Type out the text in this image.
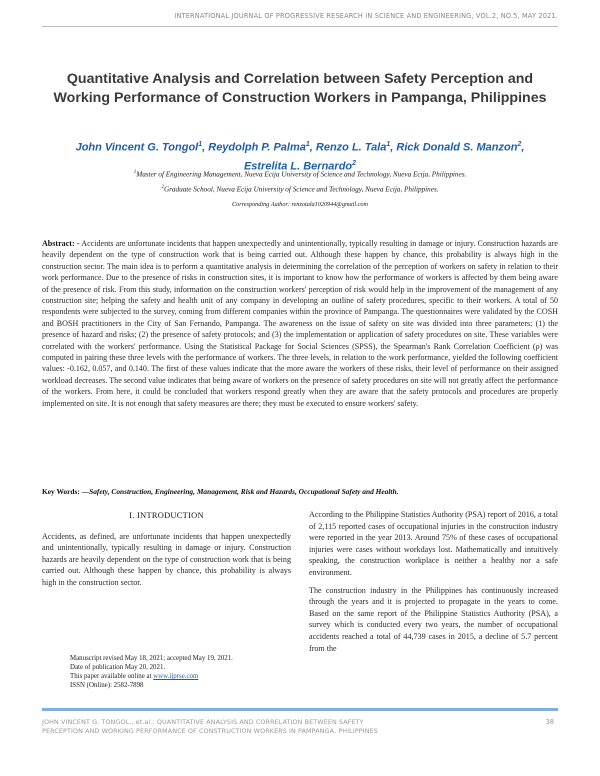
INTERNATIONAL JOURNAL OF PROGRESSIVE RESEARCH IN SCIENCE AND ENGINEERING, VOL.2, NO.5, MAY 2021.
Quantitative Analysis and Correlation between Safety Perception and Working Performance of Construction Workers in Pampanga, Philippines
John Vincent G. Tongol$^1$, Reydolph P. Palma$^1$, Renzo L. Tala$^1$, Rick Donald S. Manzon$^2$,
Estrelita L. Bernardo$^2$
$^1$Master of Engineering Management, Nueva Ecija University of Science and Technology, Nueva Ecija, Philippines.
$^2$Graduate School, Nueva Ecija University of Science and Technology, Nueva Ecija, Philippines.
Corresponding Author: renzotala1020944@gmail.com
Abstract: - Accidents are unfortunate incidents that happen unexpectedly and unintentionally, typically resulting in damage or injury. Construction hazards are heavily dependent on the type of construction work that is being carried out. Although these happen by chance, this probability is always high in the construction sector. The main idea is to perform a quantitative analysis in determining the correlation of the perception of workers on safety in relation to their work performance. Due to the presence of risks in construction sites, it is important to know how the performance of workers is affected by them being aware of the presence of risk. From this study, information on the construction workers' perception of risk would help in the improvement of the management of any construction site; helping the safety and health unit of any company in developing an outline of safety procedures, specific to their workers. A total of 50 respondents were subjected to the survey, coming from different companies within the province of Pampanga. The questionnaires were validated by the COSH and BOSH practitioners in the City of San Fernando, Pampanga. The awareness on the issue of safety on site was divided into three parameters: (1) the presence of hazard and risks; (2) the presence of safety protocols; and (3) the implementation or application of safety procedures on site. These variables were correlated with the workers' performance. Using the Statistical Package for Social Sciences (SPSS), the Spearman's Rank Correlation Coefficient (ρ) was computed in pairing these three levels with the performance of workers. The three levels, in relation to the work performance, yielded the following coefficient values: -0.162, 0.057, and 0.140. The first of these values indicate that the more aware the workers of these risks, their level of performance on their assigned workload decreases. The second value indicates that being aware of workers on the presence of safety procedures on site will not greatly affect the performance of the workers. From here, it could be concluded that workers respond greatly when they are aware that the safety protocols and procedures are properly implemented on site. It is not enough that safety measures are there; they must be executed to ensure workers' safety.
Key Words: —Safety, Construction, Engineering, Management, Risk and Hazards, Occupational Safety and Health.
I. INTRODUCTION

Accidents, as defined, are unfortunate incidents that happen unexpectedly and unintentionally, typically resulting in damage or injury. Construction hazards are heavily dependent on the type of construction work that is being carried out. Although these happen by chance, this probability is always high in the construction sector.

Manuscript revised May 18, 2021; accepted May 19, 2021.
Date of publication May 20, 2021.
This paper available online at www.ijprse.com
ISSN (Online): 2582-7898

According to the Philippine Statistics Authority (PSA) report of 2016, a total of 2,115 reported cases of occupational injuries in the construction industry were reported in the year 2013. Around 75% of these cases of occupational injuries were cases without workdays lost. Mathematically and intuitively speaking, the construction workplace is neither a healthy nor a safe environment.

The construction industry in the Philippines has continuously increased through the years and it is projected to propagate in the years to come. Based on the same report of the Philippine Statistics Authority (PSA), a survey which is conducted every two years, the number of occupational accidents reached a total of 44,739 cases in 2015, a decline of 5.7 percent from the

JOHN VINCENT G. TONGOL., et.al.: QUANTITATIVE ANALYSIS AND CORRELATION BETWEEN SAFETY
PERCEPTION AND WORKING PERFORMANCE OF CONSTRUCTION WORKERS IN PAMPANGA, PHILIPPINES
38
